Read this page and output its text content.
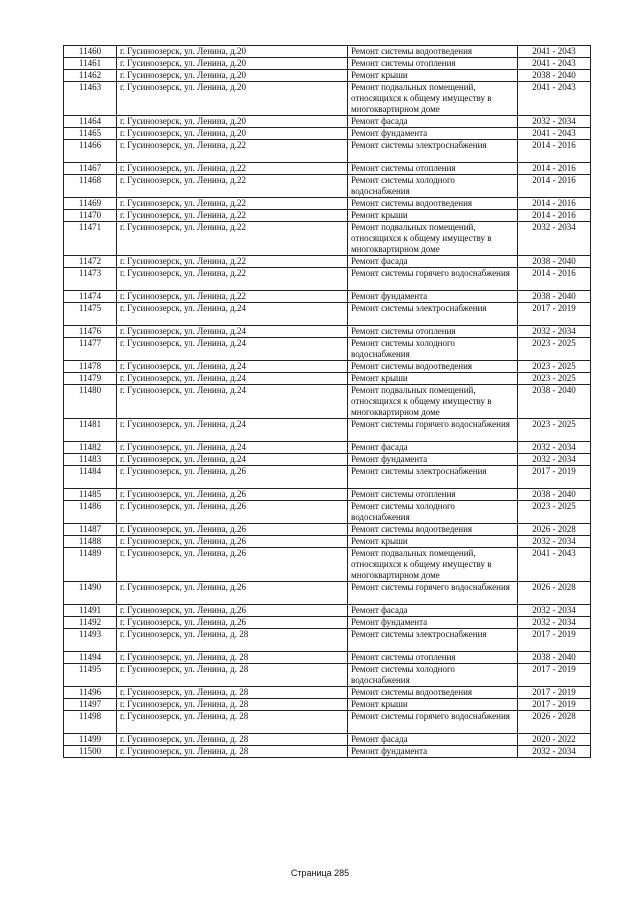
11460	г. Гусиноозерск, ул. Ленина, д.20	Ремонт системы водоотведения	2041 - 2043
11461	г. Гусиноозерск, ул. Ленина, д.20	Ремонт системы отопления	2041 - 2043
11462	г. Гусиноозерск, ул. Ленина, д.20	Ремонт крыши	2038 - 2040
11463	г. Гусиноозерск, ул. Ленина, д.20	Ремонт подвальных помещений, относящихся к общему имуществу в многоквартирном доме	2041 - 2043
11464	г. Гусиноозерск, ул. Ленина, д.20	Ремонт фасада	2032 - 2034
11465	г. Гусиноозерск, ул. Ленина, д.20	Ремонт фундамента	2041 - 2043
11466	г. Гусиноозерск, ул. Ленина, д.22	Ремонт системы электроснабжения	2014 - 2016
11467	г. Гусиноозерск, ул. Ленина, д.22	Ремонт системы отопления	2014 - 2016
11468	г. Гусиноозерск, ул. Ленина, д.22	Ремонт системы холодного водоснабжения	2014 - 2016
11469	г. Гусиноозерск, ул. Ленина, д.22	Ремонт системы водоотведения	2014 - 2016
11470	г. Гусиноозерск, ул. Ленина, д.22	Ремонт крыши	2014 - 2016
11471	г. Гусиноозерск, ул. Ленина, д.22	Ремонт подвальных помещений, относящихся к общему имуществу в многоквартирном доме	2032 - 2034
11472	г. Гусиноозерск, ул. Ленина, д.22	Ремонт фасада	2038 - 2040
11473	г. Гусиноозерск, ул. Ленина, д.22	Ремонт системы горячего водоснабжения	2014 - 2016
11474	г. Гусиноозерск, ул. Ленина, д.22	Ремонт фундамента	2038 - 2040
11475	г. Гусиноозерск, ул. Ленина, д.24	Ремонт системы электроснабжения	2017 - 2019
11476	г. Гусиноозерск, ул. Ленина, д.24	Ремонт системы отопления	2032 - 2034
11477	г. Гусиноозерск, ул. Ленина, д.24	Ремонт системы холодного водоснабжения	2023 - 2025
11478	г. Гусиноозерск, ул. Ленина, д.24	Ремонт системы водоотведения	2023 - 2025
11479	г. Гусиноозерск, ул. Ленина, д.24	Ремонт крыши	2023 - 2025
11480	г. Гусиноозерск, ул. Ленина, д.24	Ремонт подвальных помещений, относящихся к общему имуществу в многоквартирном доме	2038 - 2040
11481	г. Гусиноозерск, ул. Ленина, д.24	Ремонт системы горячего водоснабжения	2023 - 2025
11482	г. Гусиноозерск, ул. Ленина, д.24	Ремонт фасада	2032 - 2034
11483	г. Гусиноозерск, ул. Ленина, д.24	Ремонт фундамента	2032 - 2034
11484	г. Гусиноозерск, ул. Ленина, д.26	Ремонт системы электроснабжения	2017 - 2019
11485	г. Гусиноозерск, ул. Ленина, д.26	Ремонт системы отопления	2038 - 2040
11486	г. Гусиноозерск, ул. Ленина, д.26	Ремонт системы холодного водоснабжения	2023 - 2025
11487	г. Гусиноозерск, ул. Ленина, д.26	Ремонт системы водоотведения	2026 - 2028
11488	г. Гусиноозерск, ул. Ленина, д.26	Ремонт крыши	2032 - 2034
11489	г. Гусиноозерск, ул. Ленина, д.26	Ремонт подвальных помещений, относящихся к общему имуществу в многоквартирном доме	2041 - 2043
11490	г. Гусиноозерск, ул. Ленина, д.26	Ремонт системы горячего водоснабжения	2026 - 2028
11491	г. Гусиноозерск, ул. Ленина, д.26	Ремонт фасада	2032 - 2034
11492	г. Гусиноозерск, ул. Ленина, д.26	Ремонт фундамента	2032 - 2034
11493	г. Гусиноозерск, ул. Ленина, д. 28	Ремонт системы электроснабжения	2017 - 2019
11494	г. Гусиноозерск, ул. Ленина, д. 28	Ремонт системы отопления	2038 - 2040
11495	г. Гусиноозерск, ул. Ленина, д. 28	Ремонт системы холодного водоснабжения	2017 - 2019
11496	г. Гусиноозерск, ул. Ленина, д. 28	Ремонт системы водоотведения	2017 - 2019
11497	г. Гусиноозерск, ул. Ленина, д. 28	Ремонт крыши	2017 - 2019
11498	г. Гусиноозерск, ул. Ленина, д. 28	Ремонт системы горячего водоснабжения	2026 - 2028
11499	г. Гусиноозерск, ул. Ленина, д. 28	Ремонт фасада	2020 - 2022
11500	г. Гусиноозерск, ул. Ленина, д. 28	Ремонт фундамента	2032 - 2034
Страница 285
